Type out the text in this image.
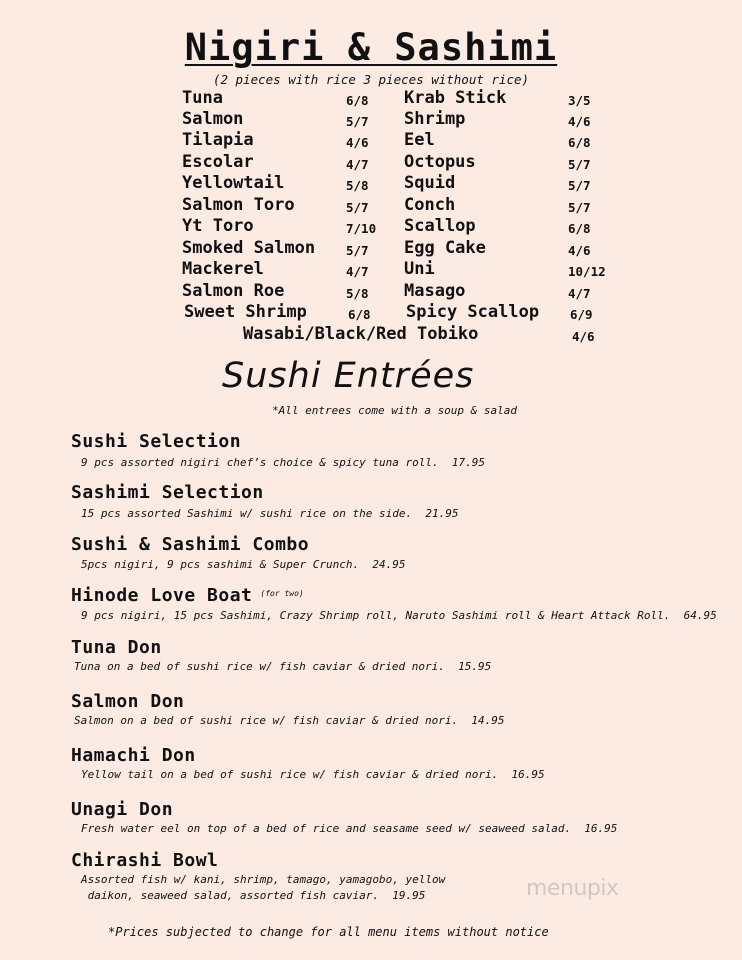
Nigiri & Sashimi
(2 pieces with rice 3 pieces without rice)
Tuna	6/8
Salmon	5/7
Tilapia	4/6
Escolar	4/7
Yellowtail	5/8
Salmon Toro	5/7
Yt Toro	7/10
Smoked Salmon 5/7
Mackerel	4/7
Salmon Roe	5/8
Sweet Shrimp	6/8
Krab Stick	3/5
Shrimp	4/6
Eel	6/8
Octopus	5/7
Squid	5/7
Conch	5/7
Scallop	6/8
Egg Cake	4/6
Uni	10/12
Masago	4/7
Spicy Scallop 6/9
Wasabi/Black/Red Tobiko	4/6
Sushi Entrées
*All entrees come with a soup & salad
Sushi Selection
9 pcs assorted nigiri chef’s choice & spicy tuna roll.  17.95
Sashimi Selection
15 pcs assorted Sashimi w/ sushi rice on the side.  21.95
Sushi & Sashimi Combo
5pcs nigiri, 9 pcs sashimi & Super Crunch.  24.95
Hinode Love Boat $^{(for two)}$
9 pcs nigiri, 15 pcs Sashimi, Crazy Shrimp roll, Naruto Sashimi roll & Heart Attack Roll.  64.95
Tuna Don
Tuna on a bed of sushi rice w/ fish caviar & dried nori.  15.95
Salmon Don
Salmon on a bed of sushi rice w/ fish caviar & dried nori.  14.95
Hamachi Don
Yellow tail on a bed of sushi rice w/ fish caviar & dried nori.  16.95
Unagi Don
Fresh water eel on top of a bed of rice and seasame seed w/ seaweed salad.  16.95
Chirashi Bowl
Assorted fish w/ kani, shrimp, tamago, yamagobo, yellow
daikon, seaweed salad, assorted fish caviar.  19.95	menupix
*Prices subjected to change for all menu items without notice
